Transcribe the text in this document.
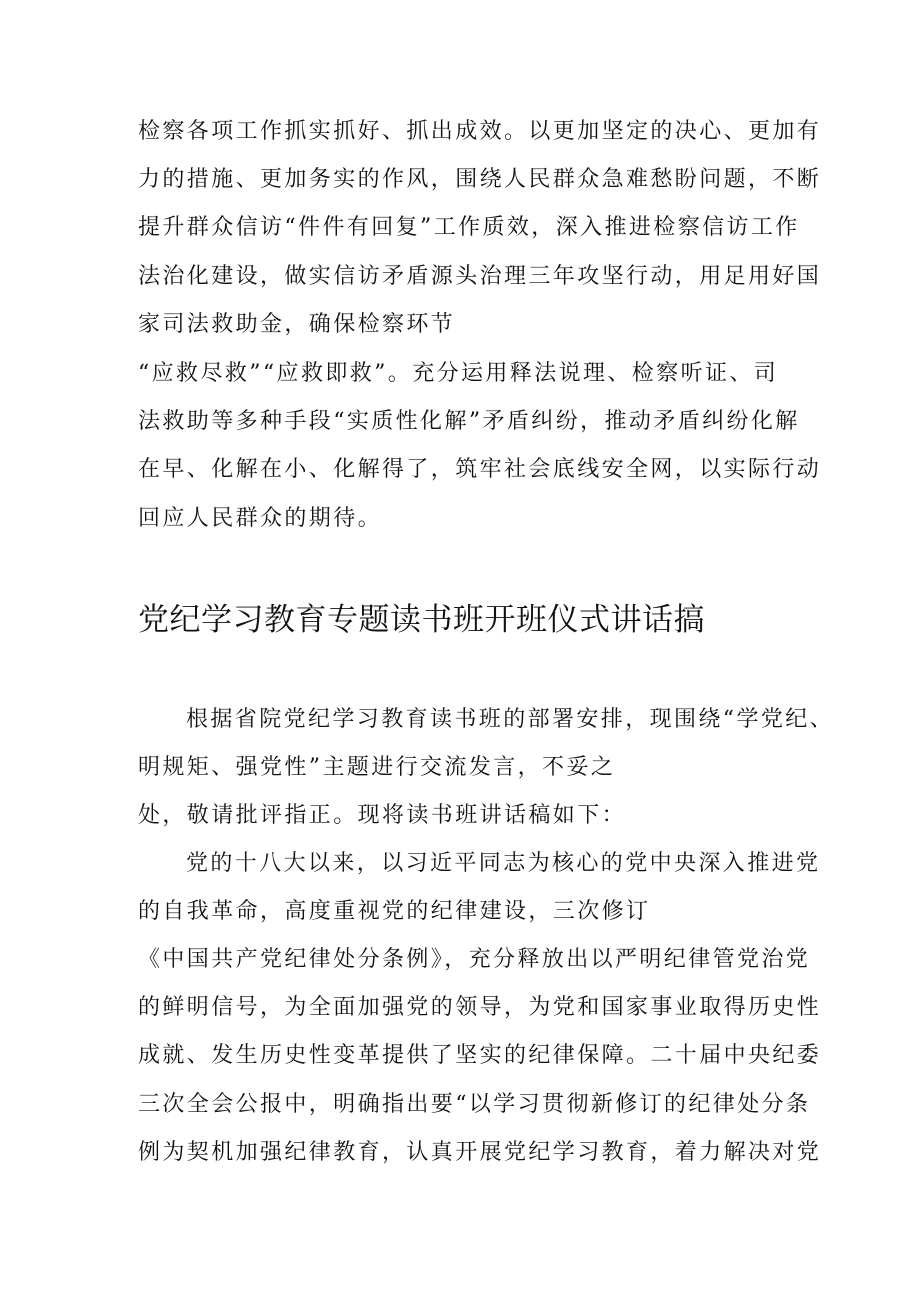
检察各项工作抓实抓好、抓出成效。以更加坚定的决心、更加有
力的措施、更加务实的作风，围绕人民群众急难愁盼问题，不断
提升群众信访“件件有回复”工作质效，深入推进检察信访工作
法治化建设，做实信访矛盾源头治理三年攻坚行动，用足用好国
家司法救助金，确保检察环节
“应救尽救”“应救即救”。充分运用释法说理、检察听证、司
法救助等多种手段“实质性化解”矛盾纠纷，推动矛盾纠纷化解
在早、化解在小、化解得了，筑牢社会底线安全网，以实际行动
回应人民群众的期待。
党纪学习教育专题读书班开班仪式讲话搞
根据省院党纪学习教育读书班的部署安排，现围绕“学党纪、
明规矩、强党性”主题进行交流发言，不妥之
处，敬请批评指正。现将读书班讲话稿如下：
党的十八大以来，以习近平同志为核心的党中央深入推进党
的自我革命，高度重视党的纪律建设，三次修订
《中国共产党纪律处分条例》，充分释放出以严明纪律管党治党
的鲜明信号，为全面加强党的领导，为党和国家事业取得历史性
成就、发生历史性变革提供了坚实的纪律保障。二十届中央纪委
三次全会公报中，明确指出要“以学习贯彻新修订的纪律处分条
例为契机加强纪律教育，认真开展党纪学习教育，着力解决对党
